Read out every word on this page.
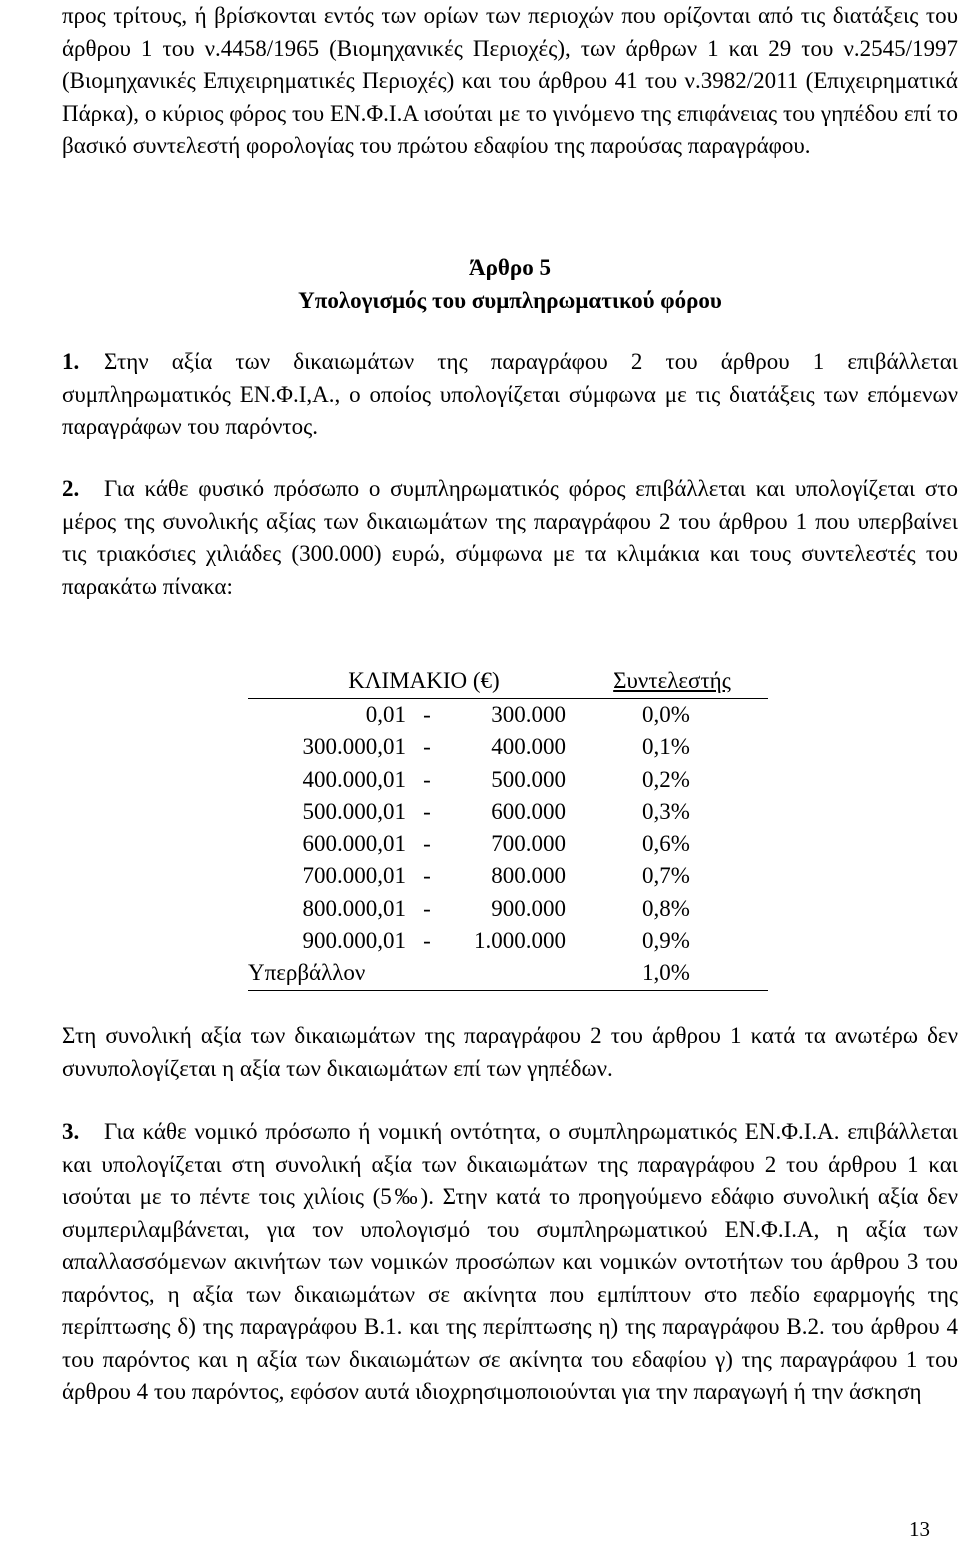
προς τρίτους, ή βρίσκονται εντός των ορίων των περιοχών που ορίζονται από τις διατάξεις του άρθρου 1 του ν.4458/1965 (Βιομηχανικές Περιοχές), των άρθρων 1 και 29 του ν.2545/1997 (Βιομηχανικές Επιχειρηματικές Περιοχές) και του άρθρου 41 του ν.3982/2011 (Επιχειρηματικά Πάρκα), ο κύριος φόρος του ΕΝ.Φ.Ι.Α ισούται με το γινόμενο της επιφάνειας του γηπέδου επί το βασικό συντελεστή φορολογίας του πρώτου εδαφίου της παρούσας παραγράφου.
Άρθρο 5
Υπολογισμός του συμπληρωματικού φόρου
1. Στην αξία των δικαιωμάτων της παραγράφου 2 του άρθρου 1 επιβάλλεται συμπληρωματικός ΕΝ.Φ.Ι,Α., ο οποίος υπολογίζεται σύμφωνα με τις διατάξεις των επόμενων παραγράφων του παρόντος.
2. Για κάθε φυσικό πρόσωπο ο συμπληρωματικός φόρος επιβάλλεται και υπολογίζεται στο μέρος της συνολικής αξίας των δικαιωμάτων της παραγράφου 2 του άρθρου 1 που υπερβαίνει τις τριακόσιες χιλιάδες (300.000) ευρώ, σύμφωνα με τα κλιμάκια και τους συντελεστές του παρακάτω πίνακα:
Στη συνολική αξία των δικαιωμάτων της παραγράφου 2 του άρθρου 1 κατά τα ανωτέρω δεν συνυπολογίζεται η αξία των δικαιωμάτων επί των γηπέδων.
3. Για κάθε νομικό πρόσωπο ή νομική οντότητα, ο συμπληρωματικός ΕΝ.Φ.Ι.Α. επιβάλλεται και υπολογίζεται στη συνολική αξία των δικαιωμάτων της παραγράφου 2 του άρθρου 1 και ισούται με το πέντε τοις χιλίοις (5‰). Στην κατά το προηγούμενο εδάφιο συνολική αξία δεν συμπεριλαμβάνεται, για τον υπολογισμό του συμπληρωματικού ΕΝ.Φ.Ι.Α, η αξία των απαλλασσόμενων ακινήτων των νομικών προσώπων και νομικών οντοτήτων του άρθρου 3 του παρόντος, η αξία των δικαιωμάτων σε ακίνητα που εμπίπτουν στο πεδίο εφαρμογής της περίπτωσης δ) της παραγράφου Β.1. και της περίπτωσης η) της παραγράφου Β.2. του άρθρου 4 του παρόντος και η αξία των δικαιωμάτων σε ακίνητα του εδαφίου γ) της παραγράφου 1 του άρθρου 4 του παρόντος, εφόσον αυτά ιδιοχρησιμοποιούνται για την παραγωγή ή την άσκηση
ΚΛΙΜΑΚΙΟ (€)				Συντελεστής
0,01	-	300.000		0,0%
300.000,01	-	400.000		0,1%
400.000,01	-	500.000		0,2%
500.000,01	-	600.000		0,3%
600.000,01	-	700.000		0,6%
700.000,01	-	800.000		0,7%
800.000,01	-	900.000		0,8%
900.000,01	-	1.000.000		0,9%
Υπερβάλλον				1,0%
13
